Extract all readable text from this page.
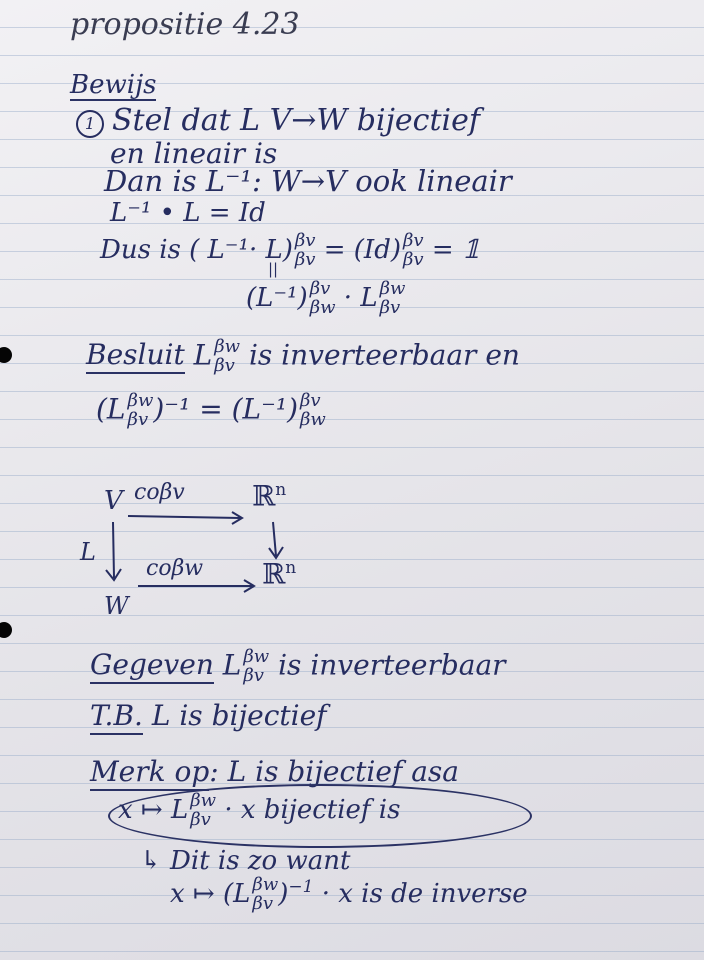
propositie 4.23
Bewijs
1 Stel dat L V→W bijectief
en lineair is
Dan is L⁻¹: W→V ook lineair
L⁻¹ • L = Id
Dus is ( L⁻¹· L) βv
βv = (Id) βv
βv = 𝟙
||
(L⁻¹) βv
βw · L βw
βv
Besluit L βw
βv is inverteerbaar en
(L βw
βv )⁻¹ = (L⁻¹) βv
βw
V coβv ℝ$^n$
L
coβw ℝ$^n$
W
Gegeven L βw
βv is inverteerbaar
T.B. L is bijectief
Merk op: L is bijectief asa
x ↦ L βw
βv · x bijectief is
↳ Dit is zo want
x ↦ (L βw
βv )$^{-1}$ · x is de inverse
